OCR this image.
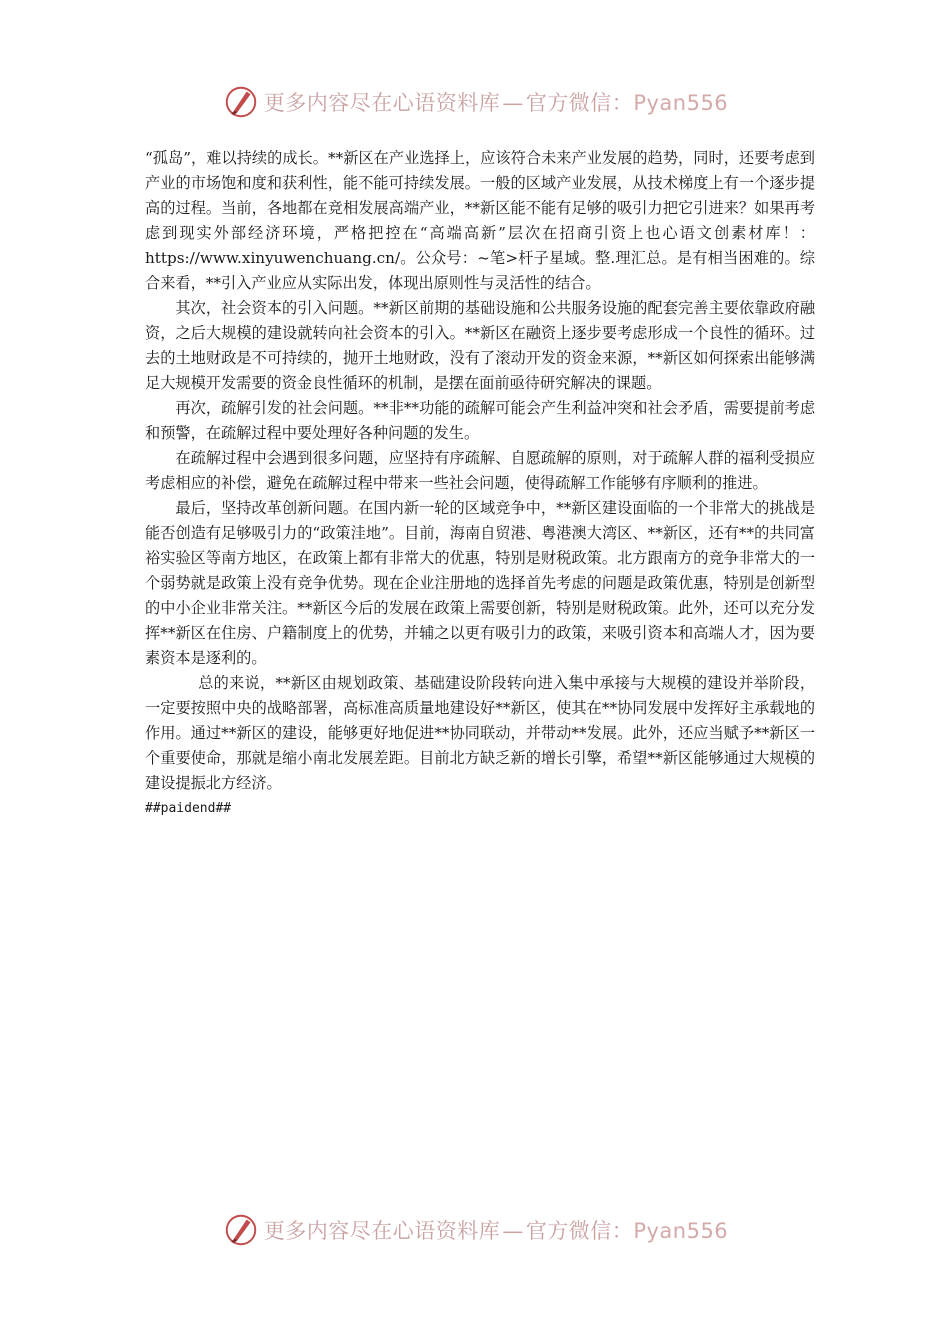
更多内容尽在心语资料库—官方微信：Pyan556

“孤岛”，难以持续的成长。**新区在产业选择上，应该符合未来产业发展的趋势，同时，还要考虑到产业的市场饱和度和获利性，能不能可持续发展。一般的区域产业发展，从技术梯度上有一个逐步提高的过程。当前，各地都在竞相发展高端产业，**新区能不能有足够的吸引力把它引进来？如果再考虑到现实外部经济环境，严格把控在“高端高新”层次在招商引资上也心语文创素材库！：https://www.xinyuwenchuang.cn/。公众号：~笔>杆子星域。整.理汇总。是有相当困难的。综合来看，**引入产业应从实际出发，体现出原则性与灵活性的结合。

其次，社会资本的引入问题。**新区前期的基础设施和公共服务设施的配套完善主要依靠政府融资，之后大规模的建设就转向社会资本的引入。**新区在融资上逐步要考虑形成一个良性的循环。过去的土地财政是不可持续的，抛开土地财政，没有了滚动开发的资金来源，**新区如何探索出能够满足大规模开发需要的资金良性循环的机制，是摆在面前亟待研究解决的课题。

再次，疏解引发的社会问题。**非**功能的疏解可能会产生利益冲突和社会矛盾，需要提前考虑和预警，在疏解过程中要处理好各种问题的发生。

在疏解过程中会遇到很多问题，应坚持有序疏解、自愿疏解的原则，对于疏解人群的福利受损应考虑相应的补偿，避免在疏解过程中带来一些社会问题，使得疏解工作能够有序顺利的推进。

最后，坚持改革创新问题。在国内新一轮的区域竞争中，**新区建设面临的一个非常大的挑战是能否创造有足够吸引力的“政策洼地”。目前，海南自贸港、粤港澳大湾区、**新区，还有**的共同富裕实验区等南方地区，在政策上都有非常大的优惠，特别是财税政策。北方跟南方的竞争非常大的一个弱势就是政策上没有竞争优势。现在企业注册地的选择首先考虑的问题是政策优惠，特别是创新型的中小企业非常关注。**新区今后的发展在政策上需要创新，特别是财税政策。此外，还可以充分发挥**新区在住房、户籍制度上的优势，并辅之以更有吸引力的政策，来吸引资本和高端人才，因为要素资本是逐利的。

总的来说，**新区由规划政策、基础建设阶段转向进入集中承接与大规模的建设并举阶段，一定要按照中央的战略部署，高标准高质量地建设好**新区，使其在**协同发展中发挥好主承载地的作用。通过**新区的建设，能够更好地促进**协同联动，并带动**发展。此外，还应当赋予**新区一个重要使命，那就是缩小南北发展差距。目前北方缺乏新的增长引擎，希望**新区能够通过大规模的建设提振北方经济。

##paidend##

更多内容尽在心语资料库—官方微信：Pyan556
